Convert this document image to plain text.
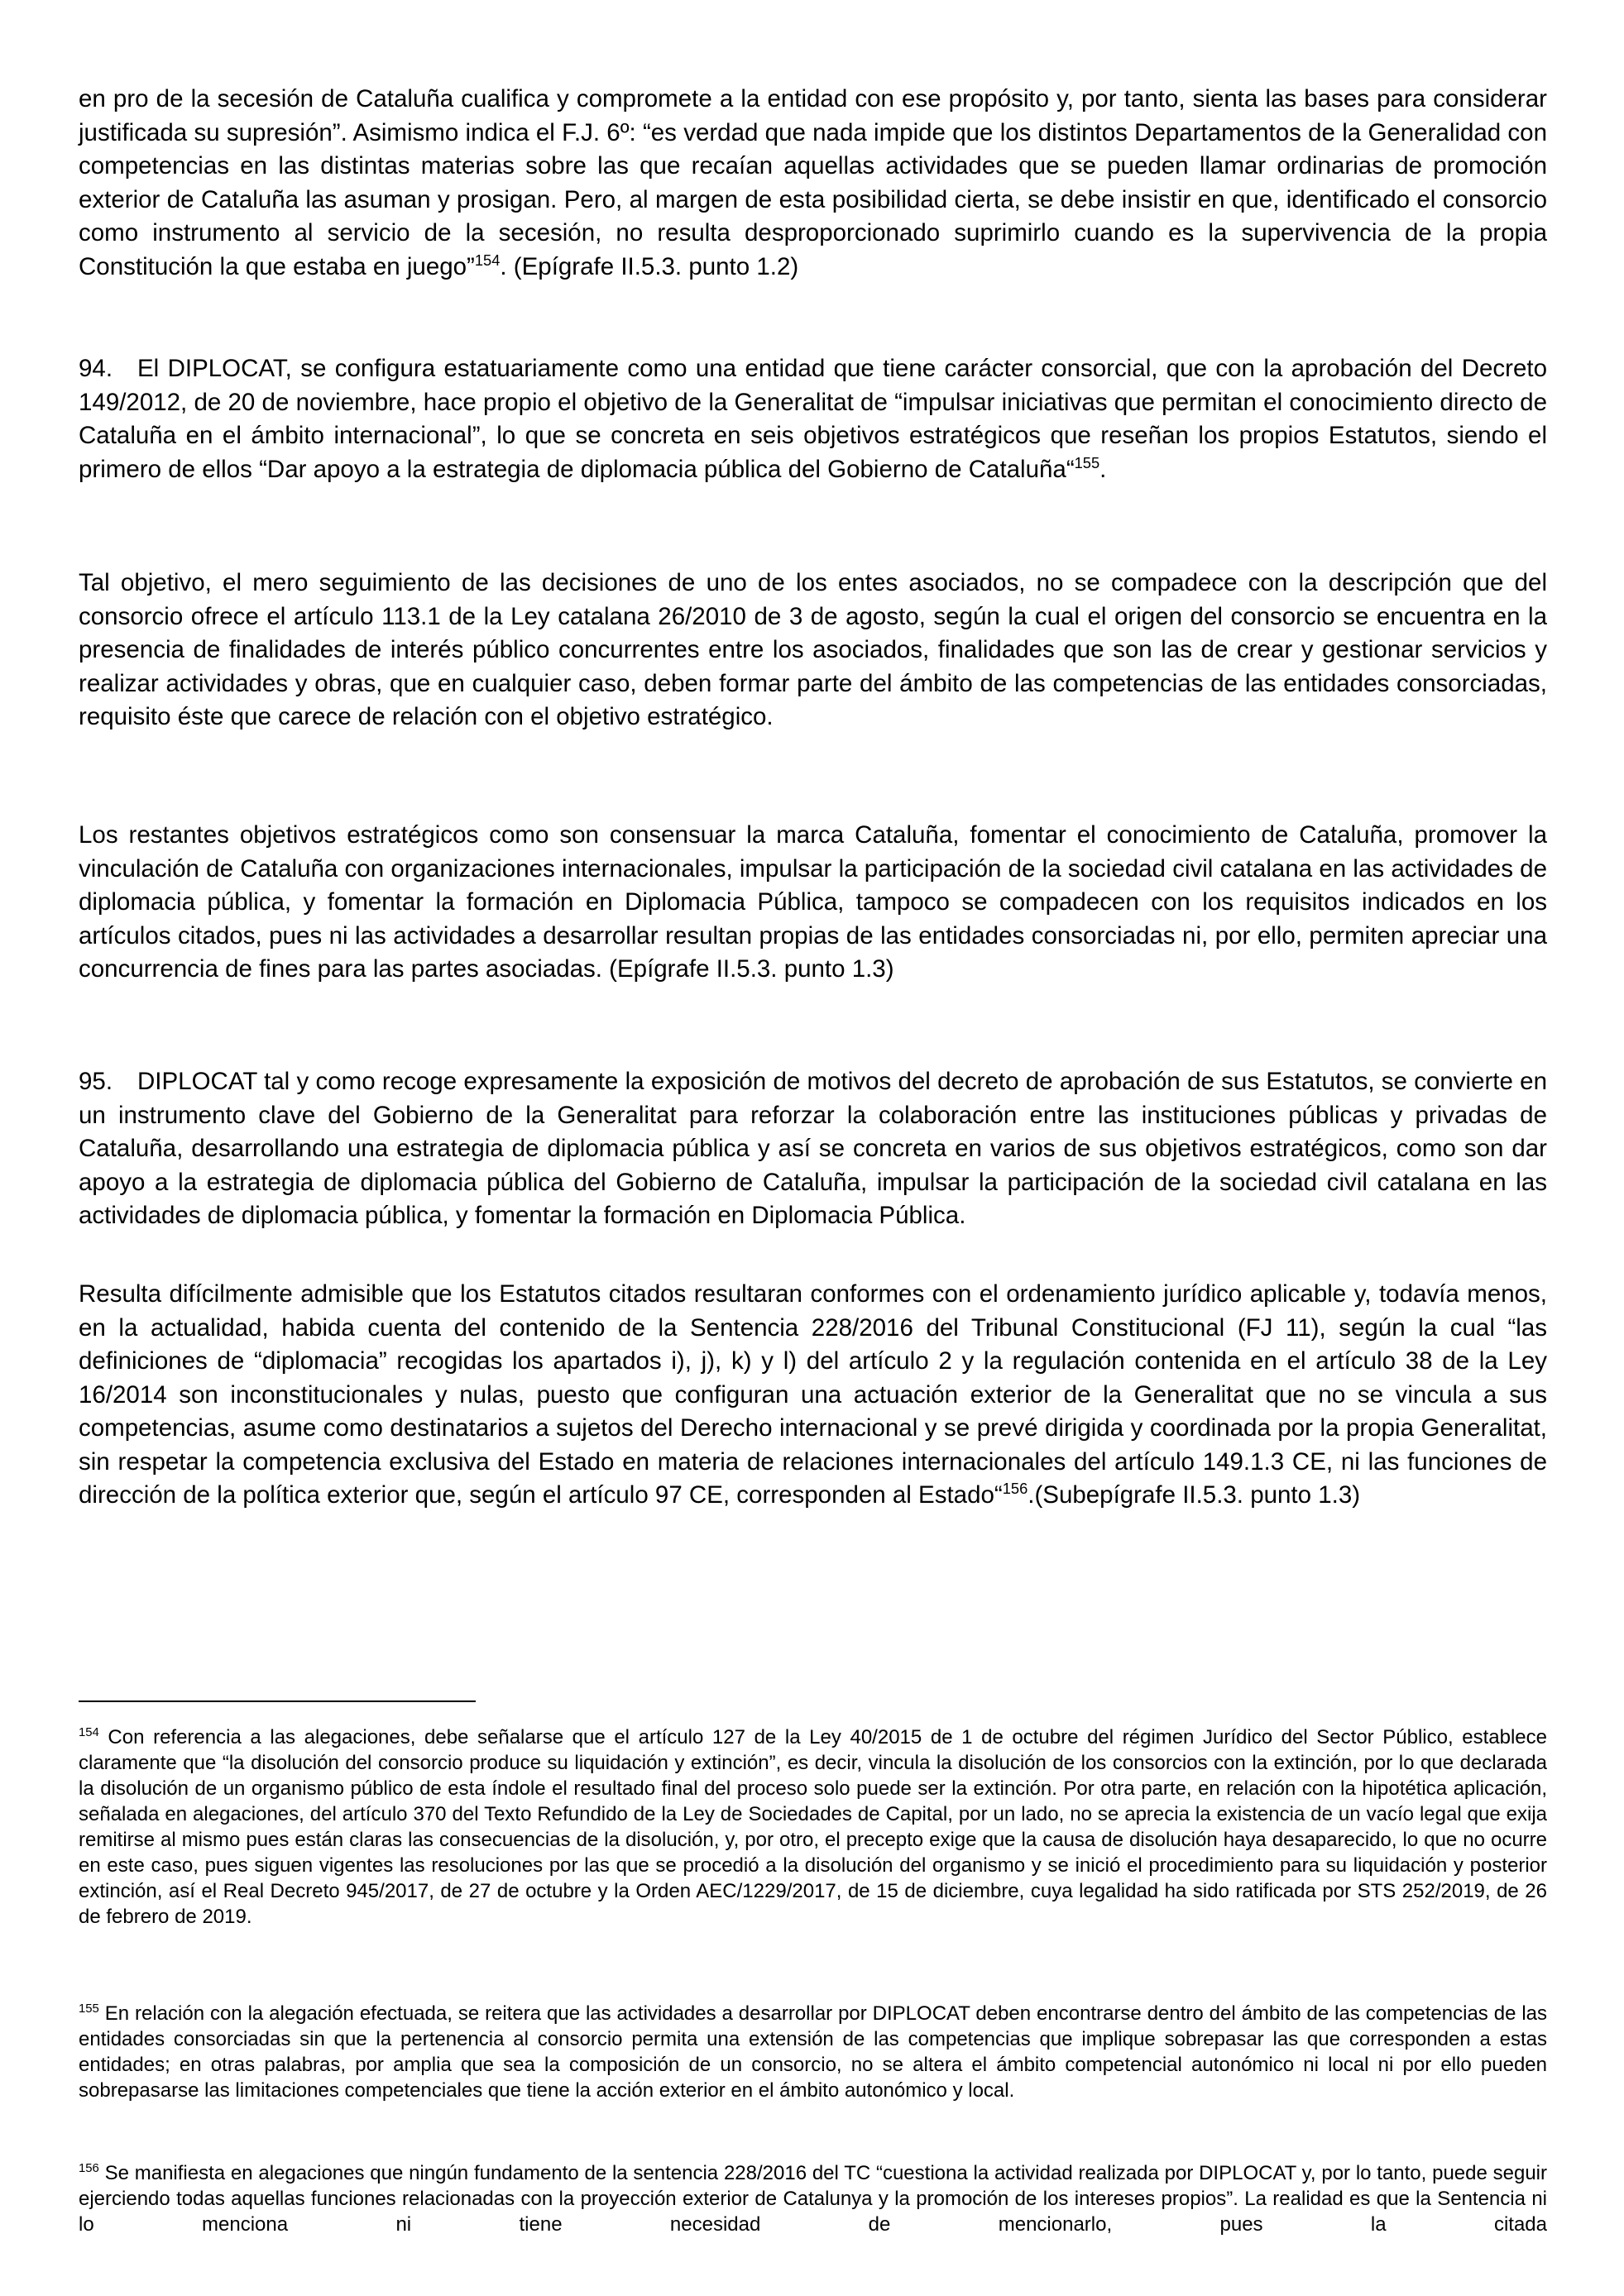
en pro de la secesión de Cataluña cualifica y compromete a la entidad con ese propósito y, por tanto, sienta las bases para considerar justificada su supresión”. Asimismo indica el F.J. 6º: “es verdad que nada impide que los distintos Departamentos de la Generalidad con competencias en las distintas materias sobre las que recaían aquellas actividades que se pueden llamar ordinarias de promoción exterior de Cataluña las asuman y prosigan. Pero, al margen de esta posibilidad cierta, se debe insistir en que, identificado el consorcio como instrumento al servicio de la secesión, no resulta desproporcionado suprimirlo cuando es la supervivencia de la propia Constitución la que estaba en juego”$^{154}$. (Epígrafe II.5.3. punto 1.2)

94. El DIPLOCAT, se configura estatuariamente como una entidad que tiene carácter consorcial, que con la aprobación del Decreto 149/2012, de 20 de noviembre, hace propio el objetivo de la Generalitat de “impulsar iniciativas que permitan el conocimiento directo de Cataluña en el ámbito internacional”, lo que se concreta en seis objetivos estratégicos que reseñan los propios Estatutos, siendo el primero de ellos “Dar apoyo a la estrategia de diplomacia pública del Gobierno de Cataluña“$^{155}$.

Tal objetivo, el mero seguimiento de las decisiones de uno de los entes asociados, no se compadece con la descripción que del consorcio ofrece el artículo 113.1 de la Ley catalana 26/2010 de 3 de agosto, según la cual el origen del consorcio se encuentra en la presencia de finalidades de interés público concurrentes entre los asociados, finalidades que son las de crear y gestionar servicios y realizar actividades y obras, que en cualquier caso, deben formar parte del ámbito de las competencias de las entidades consorciadas, requisito éste que carece de relación con el objetivo estratégico.

Los restantes objetivos estratégicos como son consensuar la marca Cataluña, fomentar el conocimiento de Cataluña, promover la vinculación de Cataluña con organizaciones internacionales, impulsar la participación de la sociedad civil catalana en las actividades de diplomacia pública, y fomentar la formación en Diplomacia Pública, tampoco se compadecen con los requisitos indicados en los artículos citados, pues ni las actividades a desarrollar resultan propias de las entidades consorciadas ni, por ello, permiten apreciar una concurrencia de fines para las partes asociadas. (Epígrafe II.5.3. punto 1.3)

95. DIPLOCAT tal y como recoge expresamente la exposición de motivos del decreto de aprobación de sus Estatutos, se convierte en un instrumento clave del Gobierno de la Generalitat para reforzar la colaboración entre las instituciones públicas y privadas de Cataluña, desarrollando una estrategia de diplomacia pública y así se concreta en varios de sus objetivos estratégicos, como son dar apoyo a la estrategia de diplomacia pública del Gobierno de Cataluña, impulsar la participación de la sociedad civil catalana en las actividades de diplomacia pública, y fomentar la formación en Diplomacia Pública.

Resulta difícilmente admisible que los Estatutos citados resultaran conformes con el ordenamiento jurídico aplicable y, todavía menos, en la actualidad, habida cuenta del contenido de la Sentencia 228/2016 del Tribunal Constitucional (FJ 11), según la cual “las definiciones de “diplomacia” recogidas los apartados i), j), k) y l) del artículo 2 y la regulación contenida en el artículo 38 de la Ley 16/2014 son inconstitucionales y nulas, puesto que configuran una actuación exterior de la Generalitat que no se vincula a sus competencias, asume como destinatarios a sujetos del Derecho internacional y se prevé dirigida y coordinada por la propia Generalitat, sin respetar la competencia exclusiva del Estado en materia de relaciones internacionales del artículo 149.1.3 CE, ni las funciones de dirección de la política exterior que, según el artículo 97 CE, corresponden al Estado“$^{156}$.(Subepígrafe II.5.3. punto 1.3)

$^{154}$ Con referencia a las alegaciones, debe señalarse que el artículo 127 de la Ley 40/2015 de 1 de octubre del régimen Jurídico del Sector Público, establece claramente que “la disolución del consorcio produce su liquidación y extinción”, es decir, vincula la disolución de los consorcios con la extinción, por lo que declarada la disolución de un organismo público de esta índole el resultado final del proceso solo puede ser la extinción. Por otra parte, en relación con la hipotética aplicación, señalada en alegaciones, del artículo 370 del Texto Refundido de la Ley de Sociedades de Capital, por un lado, no se aprecia la existencia de un vacío legal que exija remitirse al mismo pues están claras las consecuencias de la disolución, y, por otro, el precepto exige que la causa de disolución haya desaparecido, lo que no ocurre en este caso, pues siguen vigentes las resoluciones por las que se procedió a la disolución del organismo y se inició el procedimiento para su liquidación y posterior extinción, así el Real Decreto 945/2017, de 27 de octubre y la Orden AEC/1229/2017, de 15 de diciembre, cuya legalidad ha sido ratificada por STS 252/2019, de 26 de febrero de 2019.

$^{155}$ En relación con la alegación efectuada, se reitera que las actividades a desarrollar por DIPLOCAT deben encontrarse dentro del ámbito de las competencias de las entidades consorciadas sin que la pertenencia al consorcio permita una extensión de las competencias que implique sobrepasar las que corresponden a estas entidades; en otras palabras, por amplia que sea la composición de un consorcio, no se altera el ámbito competencial autonómico ni local ni por ello pueden sobrepasarse las limitaciones competenciales que tiene la acción exterior en el ámbito autonómico y local.

$^{156}$ Se manifiesta en alegaciones que ningún fundamento de la sentencia 228/2016 del TC “cuestiona la actividad realizada por DIPLOCAT y, por lo tanto, puede seguir ejerciendo todas aquellas funciones relacionadas con la proyección exterior de Catalunya y la promoción de los intereses propios”. La realidad es que la Sentencia ni lo menciona ni tiene necesidad de mencionarlo, pues la citada
